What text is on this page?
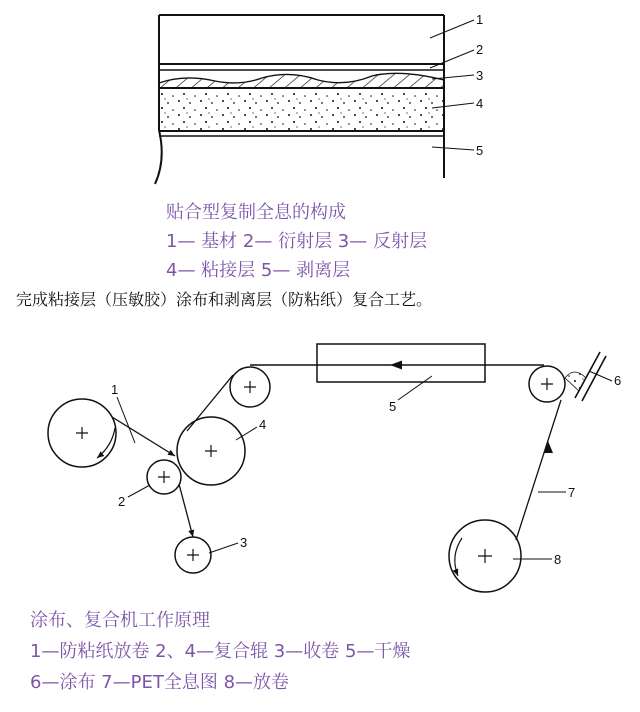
1
2
3
4
5
贴合型复制全息的构成
1— 基材 2— 衍射层 3— 反射层
4— 粘接层 5— 剥离层
完成粘接层（压敏胶）涂布和剥离层（防粘纸）复合工艺。
1
2
3
4
5
6
7
8
涂布、复合机工作原理
1—防粘纸放卷 2、4—复合辊 3—收卷 5—干燥
6—涂布 7—PET全息图 8—放卷
